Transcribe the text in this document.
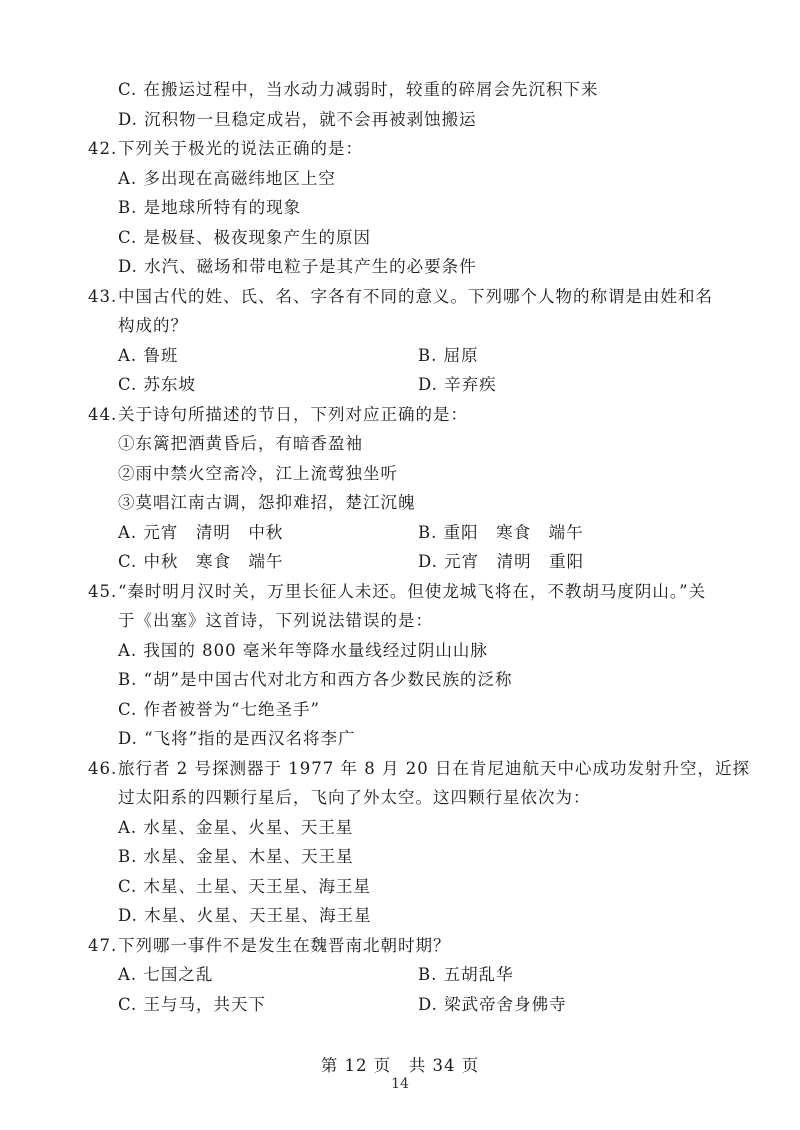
C. 在搬运过程中，当水动力减弱时，较重的碎屑会先沉积下来
D. 沉积物一旦稳定成岩，就不会再被剥蚀搬运
42. 下列关于极光的说法正确的是：
A. 多出现在高磁纬地区上空
B. 是地球所特有的现象
C. 是极昼、极夜现象产生的原因
D. 水汽、磁场和带电粒子是其产生的必要条件
43. 中国古代的姓、氏、名、字各有不同的意义。下列哪个人物的称谓是由姓和名
构成的？
A. 鲁班	B. 屈原
C. 苏东坡	D. 辛弃疾
44. 关于诗句所描述的节日，下列对应正确的是：
①东篱把酒黄昏后，有暗香盈袖
②雨中禁火空斋冷，江上流莺独坐听
③莫唱江南古调，怨抑难招，楚江沉魄
A. 元宵　清明　中秋	B. 重阳　寒食　端午
C. 中秋　寒食　端午	D. 元宵　清明　重阳
45. “秦时明月汉时关，万里长征人未还。但使龙城飞将在，不教胡马度阴山。”关
于《出塞》这首诗，下列说法错误的是：
A. 我国的 800 毫米年等降水量线经过阴山山脉
B. “胡”是中国古代对北方和西方各少数民族的泛称
C. 作者被誉为“七绝圣手”
D. “飞将”指的是西汉名将李广
46. 旅行者 2 号探测器于 1977 年 8 月 20 日在肯尼迪航天中心成功发射升空，近探
过太阳系的四颗行星后，飞向了外太空。这四颗行星依次为：
A. 水星、金星、火星、天王星
B. 水星、金星、木星、天王星
C. 木星、土星、天王星、海王星
D. 木星、火星、天王星、海王星
47. 下列哪一事件不是发生在魏晋南北朝时期？
A. 七国之乱	B. 五胡乱华
C. 王与马，共天下	D. 梁武帝舍身佛寺
第 12 页　共 34 页
14
